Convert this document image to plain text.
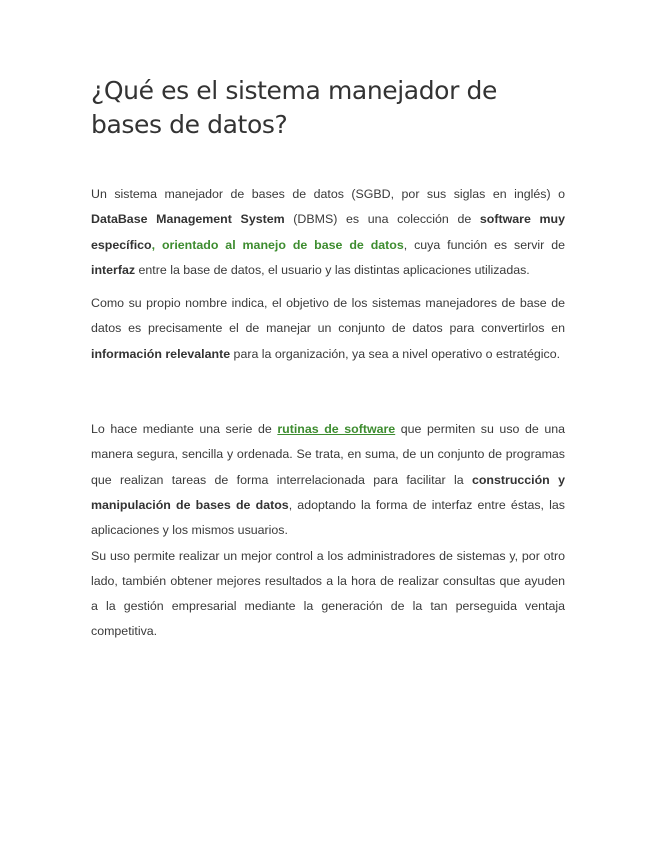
¿Qué es el sistema manejador de bases de datos?

Un sistema manejador de bases de datos (SGBD, por sus siglas en inglés) o DataBase Management System (DBMS) es una colección de software muy específico, orientado al manejo de base de datos, cuya función es servir de interfaz entre la base de datos, el usuario y las distintas aplicaciones utilizadas.

Como su propio nombre indica, el objetivo de los sistemas manejadores de base de datos es precisamente el de manejar un conjunto de datos para convertirlos en información relevalante para la organización, ya sea a nivel operativo o estratégico.

Lo hace mediante una serie de rutinas de software que permiten su uso de una manera segura, sencilla y ordenada. Se trata, en suma, de un conjunto de programas que realizan tareas de forma interrelacionada para facilitar la construcción y manipulación de bases de datos, adoptando la forma de interfaz entre éstas, las aplicaciones y los mismos usuarios.

Su uso permite realizar un mejor control a los administradores de sistemas y, por otro lado, también obtener mejores resultados a la hora de realizar consultas que ayuden a la gestión empresarial mediante la generación de la tan perseguida ventaja competitiva.
